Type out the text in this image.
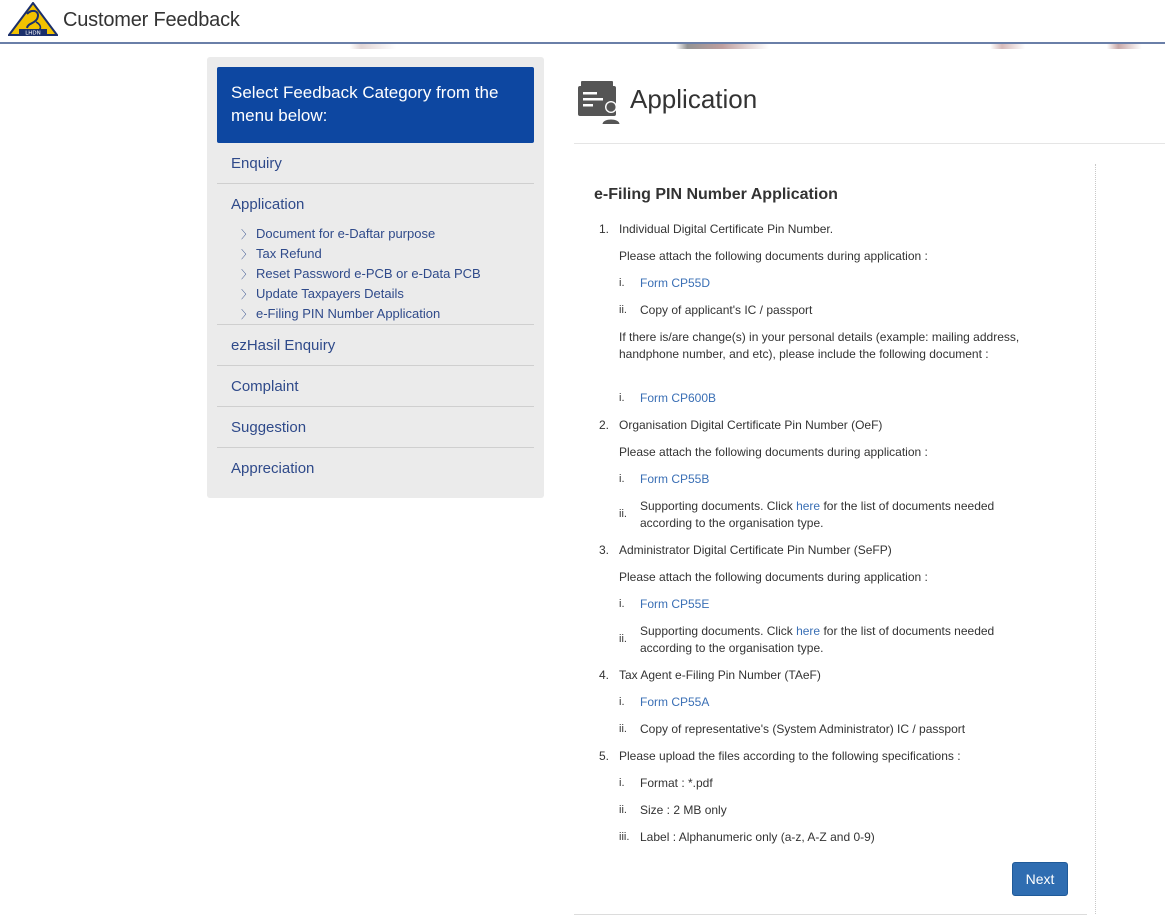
LHDN
Customer Feedback
Select Feedback Category from the menu below:
Enquiry
Application
〉 Document for e-Daftar purpose
〉 Tax Refund
〉 Reset Password e-PCB or e-Data PCB
〉 Update Taxpayers Details
〉 e-Filing PIN Number Application
ezHasil Enquiry
Complaint
Suggestion
Appreciation
Application
e-Filing PIN Number Application
1. Individual Digital Certificate Pin Number.
Please attach the following documents during application :
i. Form CP55D
ii. Copy of applicant's IC / passport
If there is/are change(s) in your personal details (example: mailing address, handphone number, and etc), please include the following document :
i. Form CP600B
2. Organisation Digital Certificate Pin Number (OeF)
Please attach the following documents during application :
i. Form CP55B
ii.
Supporting documents. Click here for the list of documents needed according to the organisation type.
3. Administrator Digital Certificate Pin Number (SeFP)
Please attach the following documents during application :
i. Form CP55E
ii.
Supporting documents. Click here for the list of documents needed according to the organisation type.
4. Tax Agent e-Filing Pin Number (TAeF)
i. Form CP55A
ii. Copy of representative's (System Administrator) IC / passport
5. Please upload the files according to the following specifications :
i. Format : *.pdf
ii. Size : 2 MB only
iii. Label : Alphanumeric only (a-z, A-Z and 0-9)
Next
